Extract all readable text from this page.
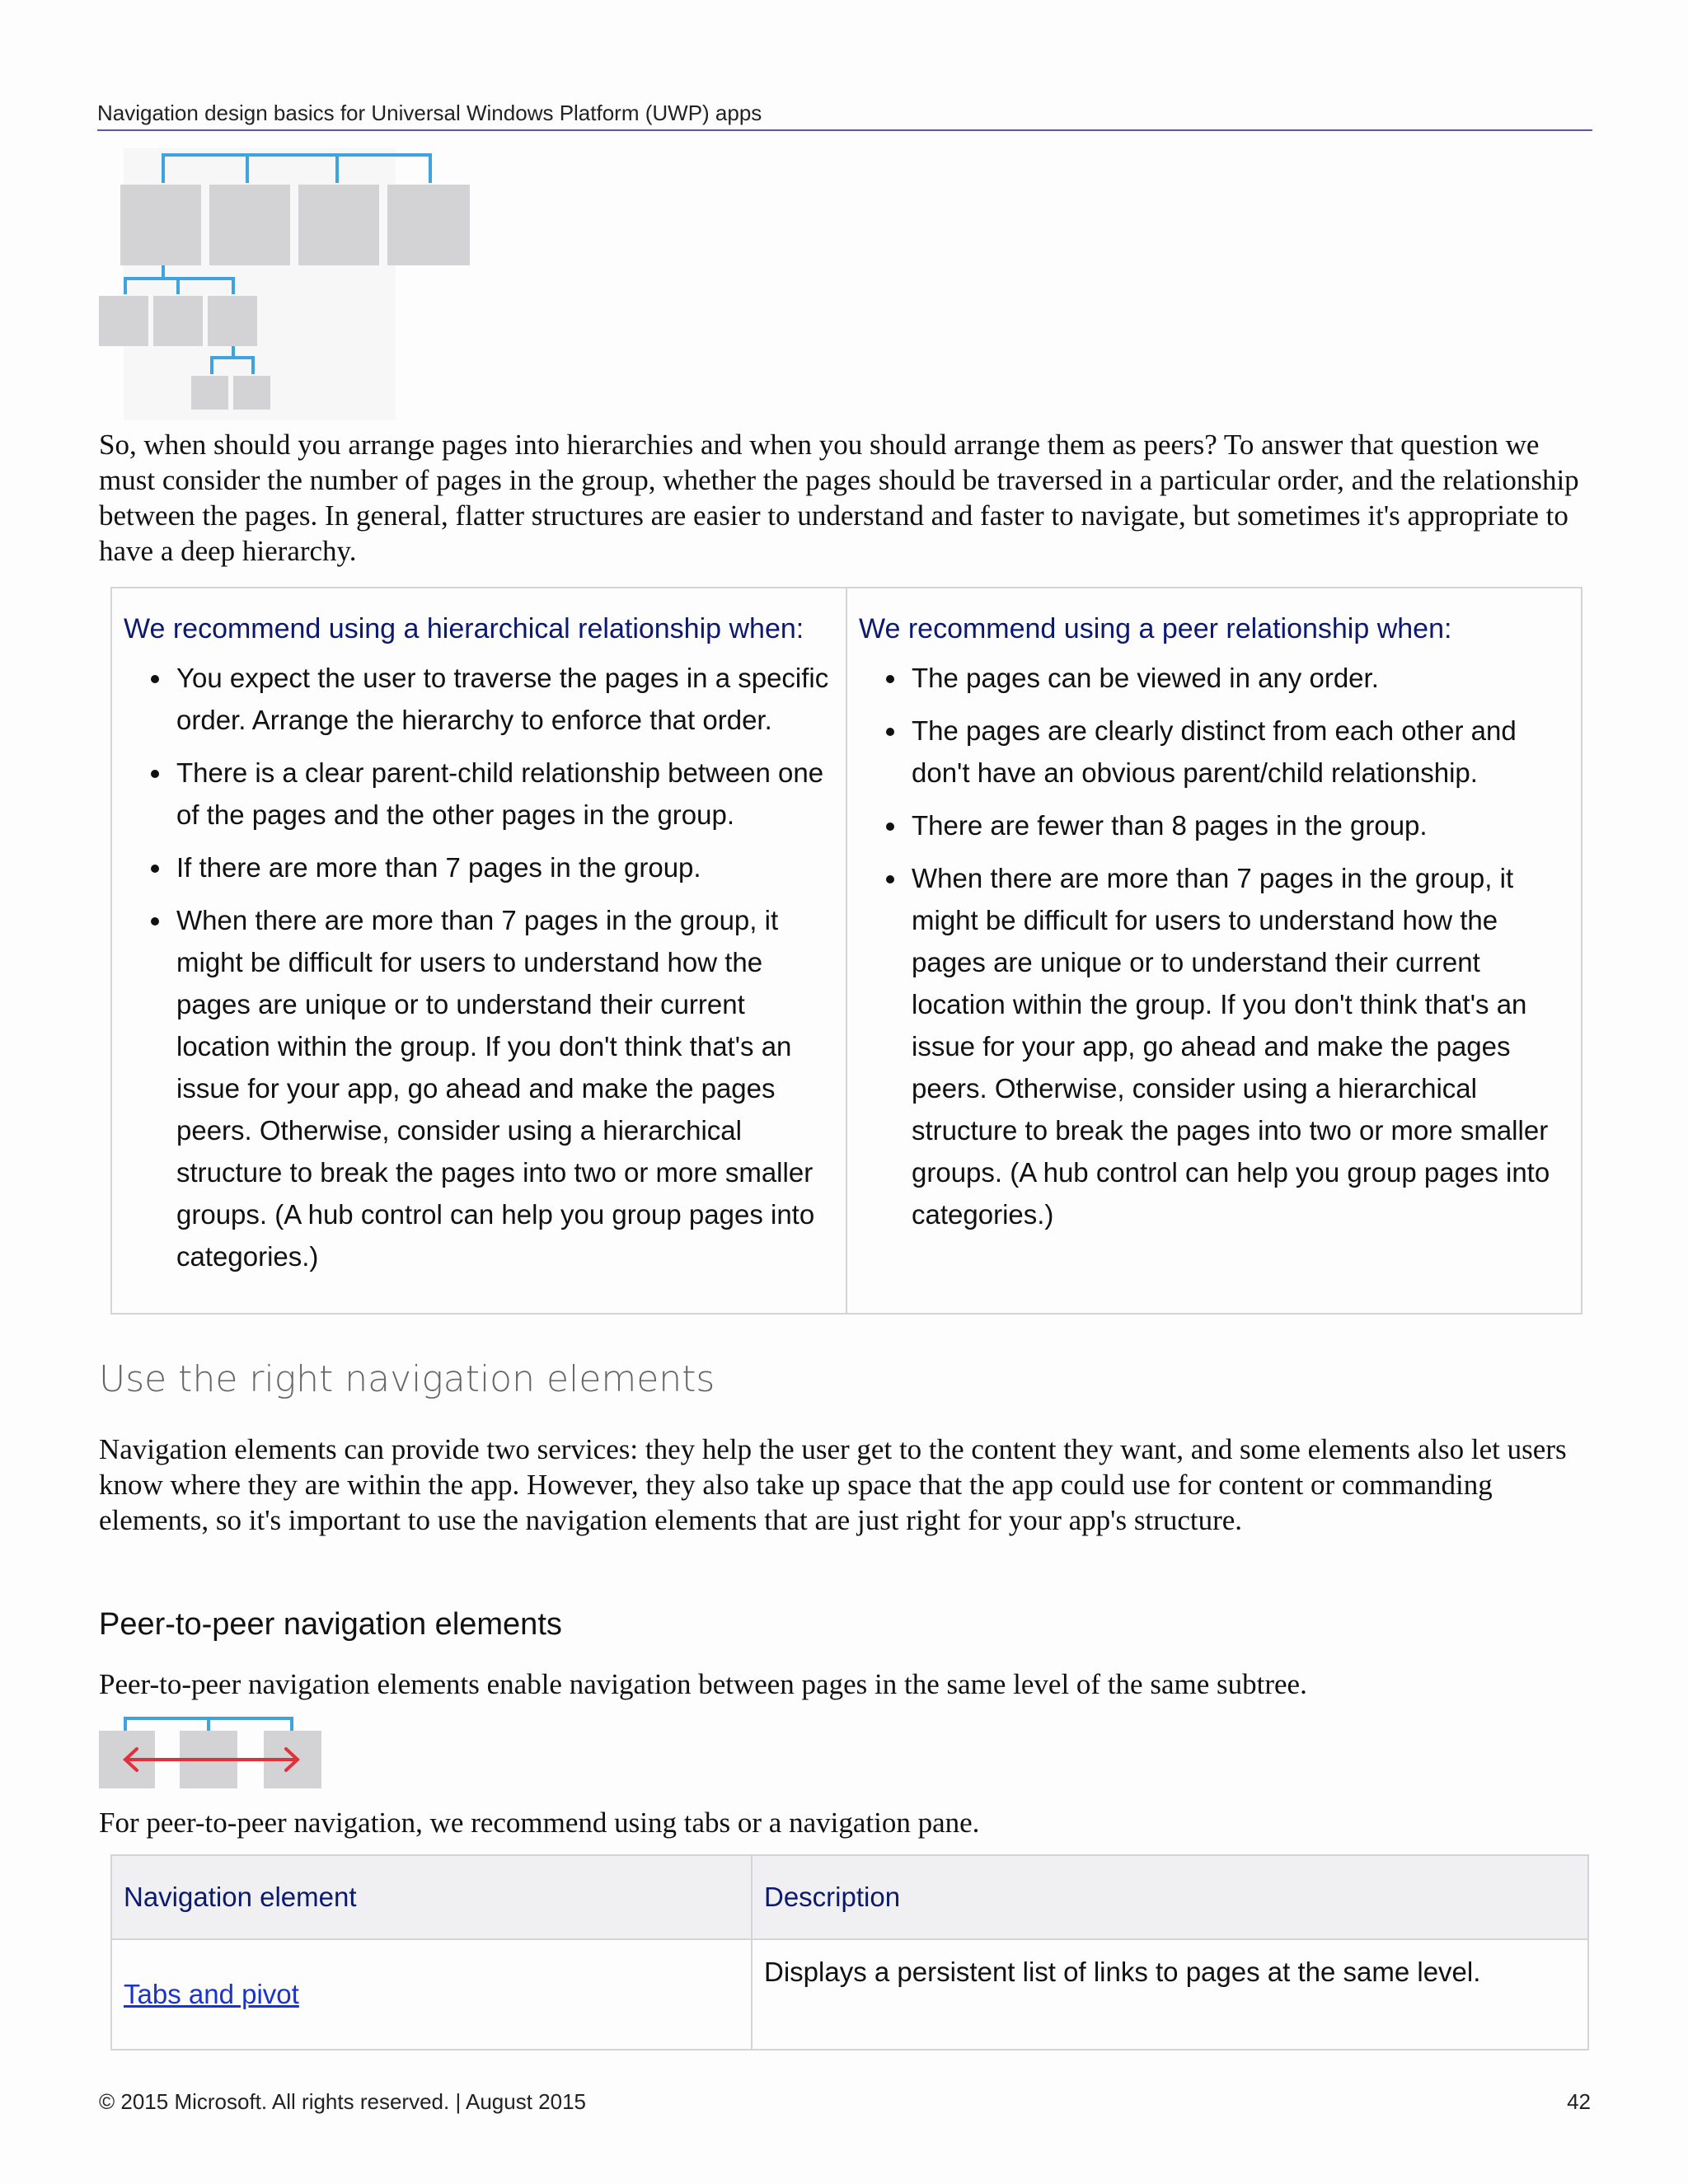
Navigation design basics for Universal Windows Platform (UWP) apps
So, when should you arrange pages into hierarchies and when you should arrange them as peers? To answer that question we must consider the number of pages in the group, whether the pages should be traversed in a particular order, and the relationship between the pages. In general, flatter structures are easier to understand and faster to navigate, but sometimes it's appropriate to have a deep hierarchy.
We recommend using a hierarchical relationship when:
• You expect the user to traverse the pages in a specific order. Arrange the hierarchy to enforce that order.
• There is a clear parent-child relationship between one of the pages and the other pages in the group.
• If there are more than 7 pages in the group.
• When there are more than 7 pages in the group, it might be difficult for users to understand how the pages are unique or to understand their current location within the group. If you don't think that's an issue for your app, go ahead and make the pages peers. Otherwise, consider using a hierarchical structure to break the pages into two or more smaller groups. (A hub control can help you group pages into categories.)

We recommend using a peer relationship when:
• The pages can be viewed in any order.
• The pages are clearly distinct from each other and don't have an obvious parent/child relationship.
• There are fewer than 8 pages in the group.
• When there are more than 7 pages in the group, it might be difficult for users to understand how the pages are unique or to understand their current location within the group. If you don't think that's an issue for your app, go ahead and make the pages peers. Otherwise, consider using a hierarchical structure to break the pages into two or more smaller groups. (A hub control can help you group pages into categories.)
Use the right navigation elements
Navigation elements can provide two services: they help the user get to the content they want, and some elements also let users know where they are within the app. However, they also take up space that the app could use for content or commanding elements, so it's important to use the navigation elements that are just right for your app's structure.
Peer-to-peer navigation elements
Peer-to-peer navigation elements enable navigation between pages in the same level of the same subtree.
For peer-to-peer navigation, we recommend using tabs or a navigation pane.
Navigation element	Description
Tabs and pivot	Displays a persistent list of links to pages at the same level.
© 2015 Microsoft. All rights reserved. | August 2015	42
